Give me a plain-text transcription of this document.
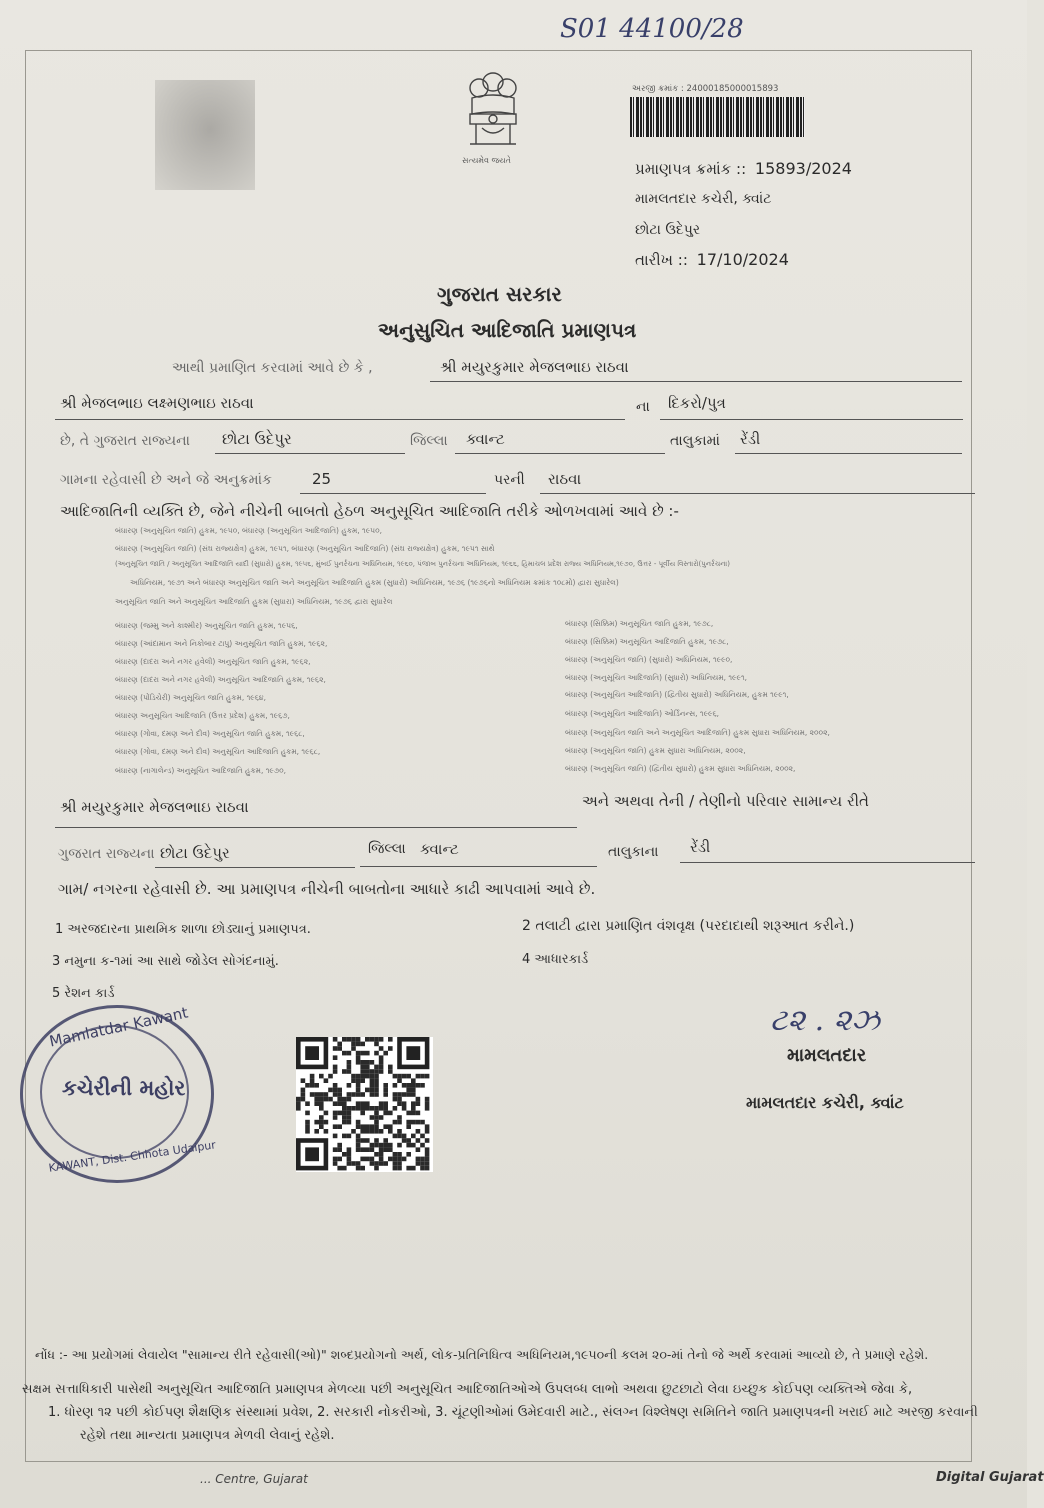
S01 44100/28
સત્યમેવ જયતે
અરજી ક્રમાંક : 24000185000015893
પ્રમાણપત્ર ક્રમાંક :: 15893/2024
મામલતદાર કચેરી, ક્વાંટ
છોટા ઉદેપુર
તારીખ :: 17/10/2024
ગુજરાત સરકાર
અનુસુચિત આદિજાતિ પ્રમાણપત્ર
આથી પ્રમાણિત કરવામાં આવે છે કે ,	શ્રી મયુરકુમાર મેજલભાઇ રાઠવા
શ્રી મેજલભાઇ લક્ષ્મણભાઇ રાઠવા	ના દિકરો/પુત્ર
છે, તે ગુજરાત રાજ્યના છોટા ઉદેપુર	જિલ્લા ક્વાન્ટ	તાલુકામાં રેંડી
ગામના રહેવાસી છે અને જે અનુક્રમાંક	25	પરની રાઠવા
આદિજાતિની વ્યક્તિ છે, જેને નીચેની બાબતો હેઠળ અનુસૂચિત આદિજાતિ તરીકે ઓળખવામાં આવે છે :-
બંધારણ (અનુસૂચિત જાતિ) હુકમ, ૧૯૫૦, બંધારણ (અનુસૂચિત આદિજાતિ) હુકમ, ૧૯૫૦,
બંધારણ (અનુસૂચિત જાતિ) (સંઘ રાજ્યક્ષેત્ર) હુકમ, ૧૯૫૧, બંધારણ (અનુસૂચિત આદિજાતિ) (સંઘ રાજ્યક્ષેત્ર) હુકમ, ૧૯૫૧ સાથે
(અનુસૂચિત જાતિ / અનુસૂચિત આદિજાતિ યાદી (સુધારો) હુકમ, ૧૯૫૬, મુંબઈ પુનર્રચના અધિનિયમ, ૧૯૬૦, પંજાબ પુનર્રચના અધિનિયમ, ૧૯૬૬, હિમાચલ પ્રદેશ રાજ્ય અધિનિયમ,૧૯૭૦, ઉત્તર - પૂર્વીય વિસ્તારો(પુનર્રચના)
અધિનિયમ, ૧૯૭૧ અને બંધારણ અનુસૂચિત જાતિ અને અનુસૂચિત આદિજાતિ હુકમ (સુધારો) અધિનિયમ, ૧૯૭૬ (૧૯૭૬નો અધિનિયમ ક્રમાંક ૧૦૮મો) દ્વારા સુધારેલ)
અનુસૂચિત જાતિ અને અનુસૂચિત આદિજાતિ હુકમ (સુધારા) અધિનિયમ, ૧૯૭૬ દ્વારા સુધારેલ
બંધારણ (જમ્મુ અને કાશ્મીર) અનુસૂચિત જાતિ હુકમ, ૧૯૫૬,
બંધારણ (આંદામાન અને નિકોબાર ટાપુ) અનુસૂચિત જાતિ હુકમ, ૧૯૬૨,
બંધારણ (દાદરા અને નગર હવેલી) અનુસૂચિત જાતિ હુકમ, ૧૯૬૨,
બંધારણ (દાદરા અને નગર હવેલી) અનુસૂચિત આદિજાતિ હુકમ, ૧૯૬૨,
બંધારણ (પોંડિચેરી) અનુસૂચિત જાતિ હુકમ, ૧૯૬૪,
બંધારણ અનુસૂચિત આદિજાતિ (ઉત્તર પ્રદેશ) હુકમ, ૧૯૬૭,
બંધારણ (ગોવા, દમણ અને દીવ) અનુસૂચિત જાતિ હુકમ, ૧૯૬૮,
બંધારણ (ગોવા, દમણ અને દીવ) અનુસૂચિત આદિજાતિ હુકમ, ૧૯૬૮,
બંધારણ (નાગાલેન્ડ) અનુસૂચિત આદિજાતિ હુકમ, ૧૯૭૦,
બંધારણ (સિક્કિમ) અનુસૂચિત જાતિ હુકમ, ૧૯૭૮,
બંધારણ (સિક્કિમ) અનુસૂચિત આદિજાતિ હુકમ, ૧૯૭૮,
બંધારણ (અનુસૂચિત જાતિ) (સુધારો) અધિનિયમ, ૧૯૯૦,
બંધારણ (અનુસૂચિત આદિજાતિ) (સુધારો) અધિનિયમ, ૧૯૯૧,
બંધારણ (અનુસૂચિત આદિજાતિ) (દ્વિતીય સુધારો) અધિનિયમ, હુકમ ૧૯૯૧,
બંધારણ (અનુસૂચિત આદિજાતિ) ઓર્ડિનન્સ, ૧૯૯૬,
બંધારણ (અનુસૂચિત જાતિ અને અનુસૂચિત આદિજાતિ) હુકમ સુધારા અધિનિયમ, ૨૦૦૨,
બંધારણ (અનુસૂચિત જાતિ) હુકમ સુધારા અધિનિયમ, ૨૦૦૨,
બંધારણ (અનુસૂચિત જાતિ) (દ્વિતીય સુધારો) હુકમ સુધારા અધિનિયમ, ૨૦૦૨,
શ્રી મયુરકુમાર મેજલભાઇ રાઠવા	અને અથવા તેની / તેણીનો પરિવાર સામાન્ય રીતે
ગુજરાત રાજ્યના છોટા ઉદેપુર	જિલ્લા ક્વાન્ટ	તાલુકાના રેંડી
ગામ/ નગરના રહેવાસી છે. આ પ્રમાણપત્ર નીચેની બાબતોના આધારે કાઢી આપવામાં આવે છે.
1 અરજદારના પ્રાથમિક શાળા છોડ્યાનું પ્રમાણપત્ર.	2 તલાટી દ્વારા પ્રમાણિત વંશવૃક્ષ (પરદાદાથી શરૂઆત કરીને.)
3 નમુના ક-૧માં આ સાથે જોડેલ સોગંદનામું.	4 આધારકાર્ડ
5 રેશન કાર્ડ
Mamlatdar Kawant
કચેરીની મહોર
KAWANT, Dist. Chhota Udaipur
ટ૨ . ૨ઝ
મામલતદાર
મામલતદાર કચેરી, ક્વાંટ
નોંધ :- આ પ્રયોગમાં લેવાયેલ "સામાન્ય રીતે રહેવાસી(ઓ)" શબ્દપ્રયોગનો અર્થ, લોક-પ્રતિનિધિત્વ અધિનિયમ,૧૯૫૦ની કલમ ૨૦-માં તેનો જે અર્થે કરવામાં આવ્યો છે, તે પ્રમાણે રહેશે.
સક્ષમ સત્તાધિકારી પાસેથી અનુસૂચિત આદિજાતિ પ્રમાણપત્ર મેળવ્યા પછી અનુસૂચિત આદિજાતિઓએ ઉપલબ્ધ લાભો અથવા છુટછાટો લેવા ઇચ્છુક કોઈપણ વ્યક્તિએ જેવા કે,
1. ધોરણ ૧૨ પછી કોઈપણ શૈક્ષણિક સંસ્થામાં પ્રવેશ, 2. સરકારી નોકરીઓ, 3. ચૂંટણીઓમાં ઉમેદવારી માટે., સંલગ્ન વિશ્લેષણ સમિતિને જાતિ પ્રમાણપત્રની ખરાઈ માટે અરજી કરવાની
રહેશે તથા માન્યતા પ્રમાણપત્ર મેળવી લેવાનું રહેશે.
... Centre, Gujarat	Digital Gujarat
